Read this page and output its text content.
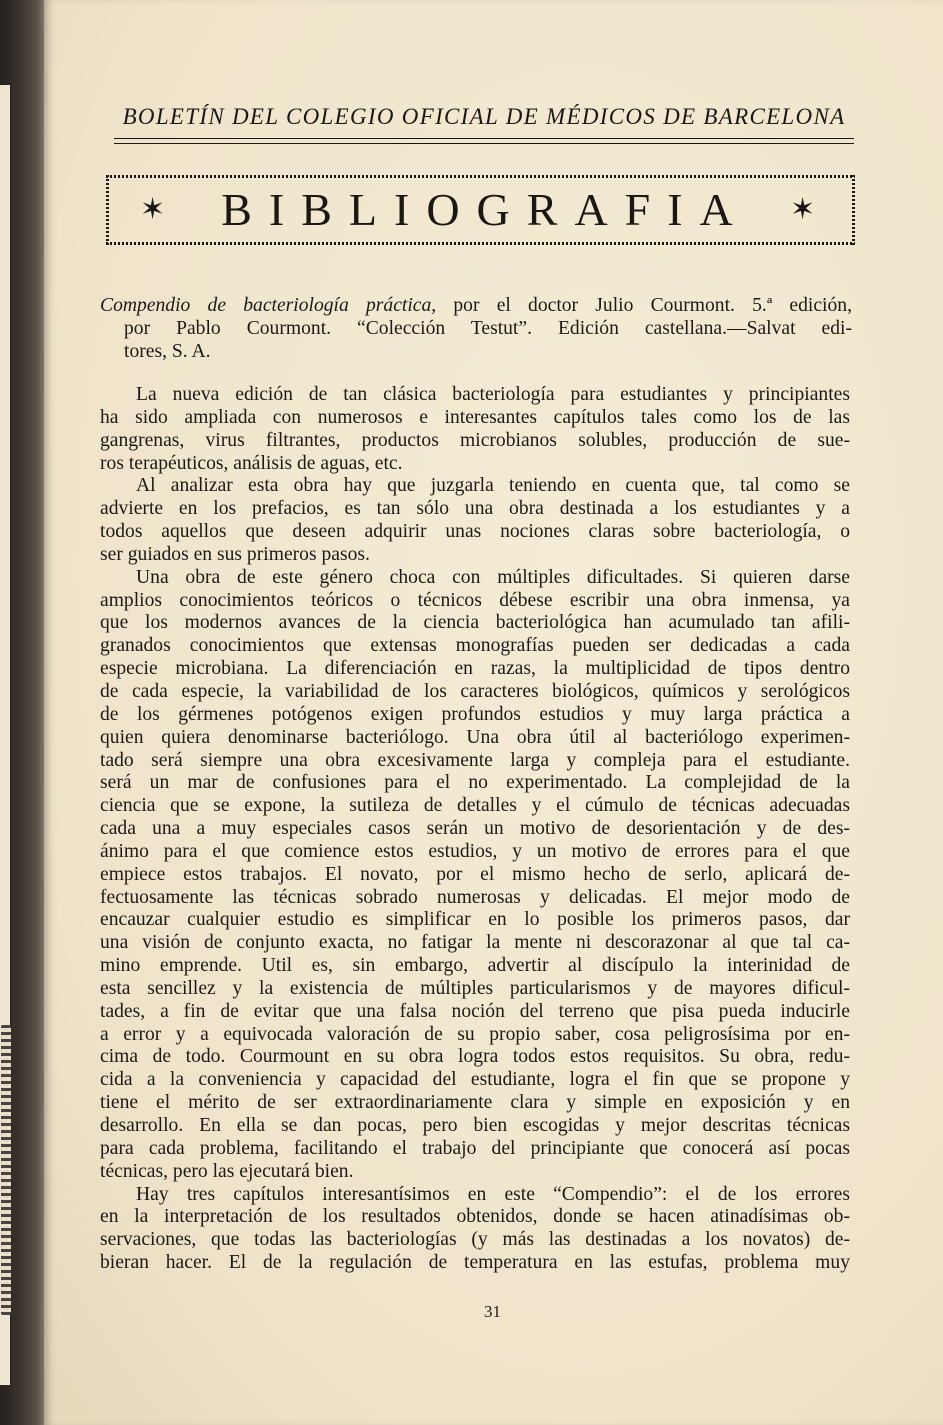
BOLETÍN DEL COLEGIO OFICIAL DE MÉDICOS DE BARCELONA
✶	✶
BIBLIOGRAFIA
Compendio de bacteriología práctica, por el doctor Julio Courmont. 5.ª edición,
por Pablo Courmont. “Colección Testut”. Edición castellana.—Salvat edi-
tores, S. A.
La nueva edición de tan clásica bacteriología para estudiantes y principiantes
ha sido ampliada con numerosos e interesantes capítulos tales como los de las
gangrenas, virus filtrantes, productos microbianos solubles, producción de sue-
ros terapéuticos, análisis de aguas, etc.
Al analizar esta obra hay que juzgarla teniendo en cuenta que, tal como se
advierte en los prefacios, es tan sólo una obra destinada a los estudiantes y a
todos aquellos que deseen adquirir unas nociones claras sobre bacteriología, o
ser guiados en sus primeros pasos.
Una obra de este género choca con múltiples dificultades. Si quieren darse
amplios conocimientos teóricos o técnicos débese escribir una obra inmensa, ya
que los modernos avances de la ciencia bacteriológica han acumulado tan afili-
granados conocimientos que extensas monografías pueden ser dedicadas a cada
especie microbiana. La diferenciación en razas, la multiplicidad de tipos dentro
de cada especie, la variabilidad de los caracteres biológicos, químicos y serológicos
de los gérmenes potógenos exigen profundos estudios y muy larga práctica a
quien quiera denominarse bacteriólogo. Una obra útil al bacteriólogo experimen-
tado será siempre una obra excesivamente larga y compleja para el estudiante.
será un mar de confusiones para el no experimentado. La complejidad de la
ciencia que se expone, la sutileza de detalles y el cúmulo de técnicas adecuadas
cada una a muy especiales casos serán un motivo de desorientación y de des-
ánimo para el que comience estos estudios, y un motivo de errores para el que
empiece estos trabajos. El novato, por el mismo hecho de serlo, aplicará de-
fectuosamente las técnicas sobrado numerosas y delicadas. El mejor modo de
encauzar cualquier estudio es simplificar en lo posible los primeros pasos, dar
una visión de conjunto exacta, no fatigar la mente ni descorazonar al que tal ca-
mino emprende. Util es, sin embargo, advertir al discípulo la interinidad de
esta sencillez y la existencia de múltiples particularismos y de mayores dificul-
tades, a fin de evitar que una falsa noción del terreno que pisa pueda inducirle
a error y a equivocada valoración de su propio saber, cosa peligrosísima por en-
cima de todo. Courmount en su obra logra todos estos requisitos. Su obra, redu-
cida a la conveniencia y capacidad del estudiante, logra el fin que se propone y
tiene el mérito de ser extraordinariamente clara y simple en exposición y en
desarrollo. En ella se dan pocas, pero bien escogidas y mejor descritas técnicas
para cada problema, facilitando el trabajo del principiante que conocerá así pocas
técnicas, pero las ejecutará bien.
Hay tres capítulos interesantísimos en este “Compendio”: el de los errores
en la interpretación de los resultados obtenidos, donde se hacen atinadísimas ob-
servaciones, que todas las bacteriologías (y más las destinadas a los novatos) de-
bieran hacer. El de la regulación de temperatura en las estufas, problema muy
31
